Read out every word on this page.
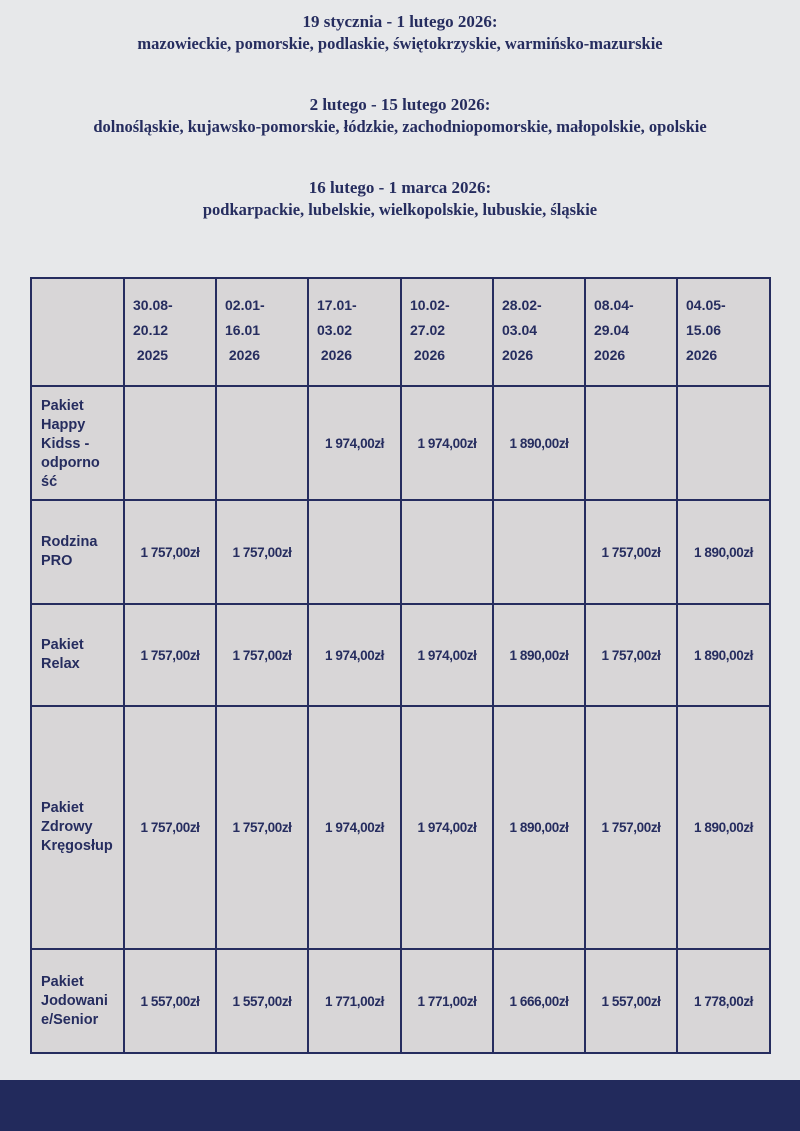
19 stycznia - 1 lutego 2026:
mazowieckie, pomorskie, podlaskie, świętokrzyskie, warmińsko-mazurskie
2 lutego - 15 lutego 2026:
dolnośląskie, kujawsko-pomorskie, łódzkie, zachodniopomorskie, małopolskie, opolskie
16 lutego - 1 marca 2026:
podkarpackie, lubelskie, wielkopolskie, lubuskie, śląskie

	30.08-
20.12
2025	02.01-
16.01
2026	17.01-
03.02
2026	10.02-
27.02
2026	28.02-
03.04
2026	08.04-
29.04
2026	04.05-
15.06
2026

Pakiet
Happy
Kidss -
odporno
ść			1 974,00zł	1 974,00zł	1 890,00zł		
Rodzina
PRO	1 757,00zł	1 757,00zł				1 757,00zł	1 890,00zł
Pakiet
Relax	1 757,00zł	1 757,00zł	1 974,00zł	1 974,00zł	1 890,00zł	1 757,00zł	1 890,00zł
Pakiet
Zdrowy
Kręgosłup	1 757,00zł	1 757,00zł	1 974,00zł	1 974,00zł	1 890,00zł	1 757,00zł	1 890,00zł
Pakiet
Jodowani
e/Senior	1 557,00zł	1 557,00zł	1 771,00zł	1 771,00zł	1 666,00zł	1 557,00zł	1 778,00zł
